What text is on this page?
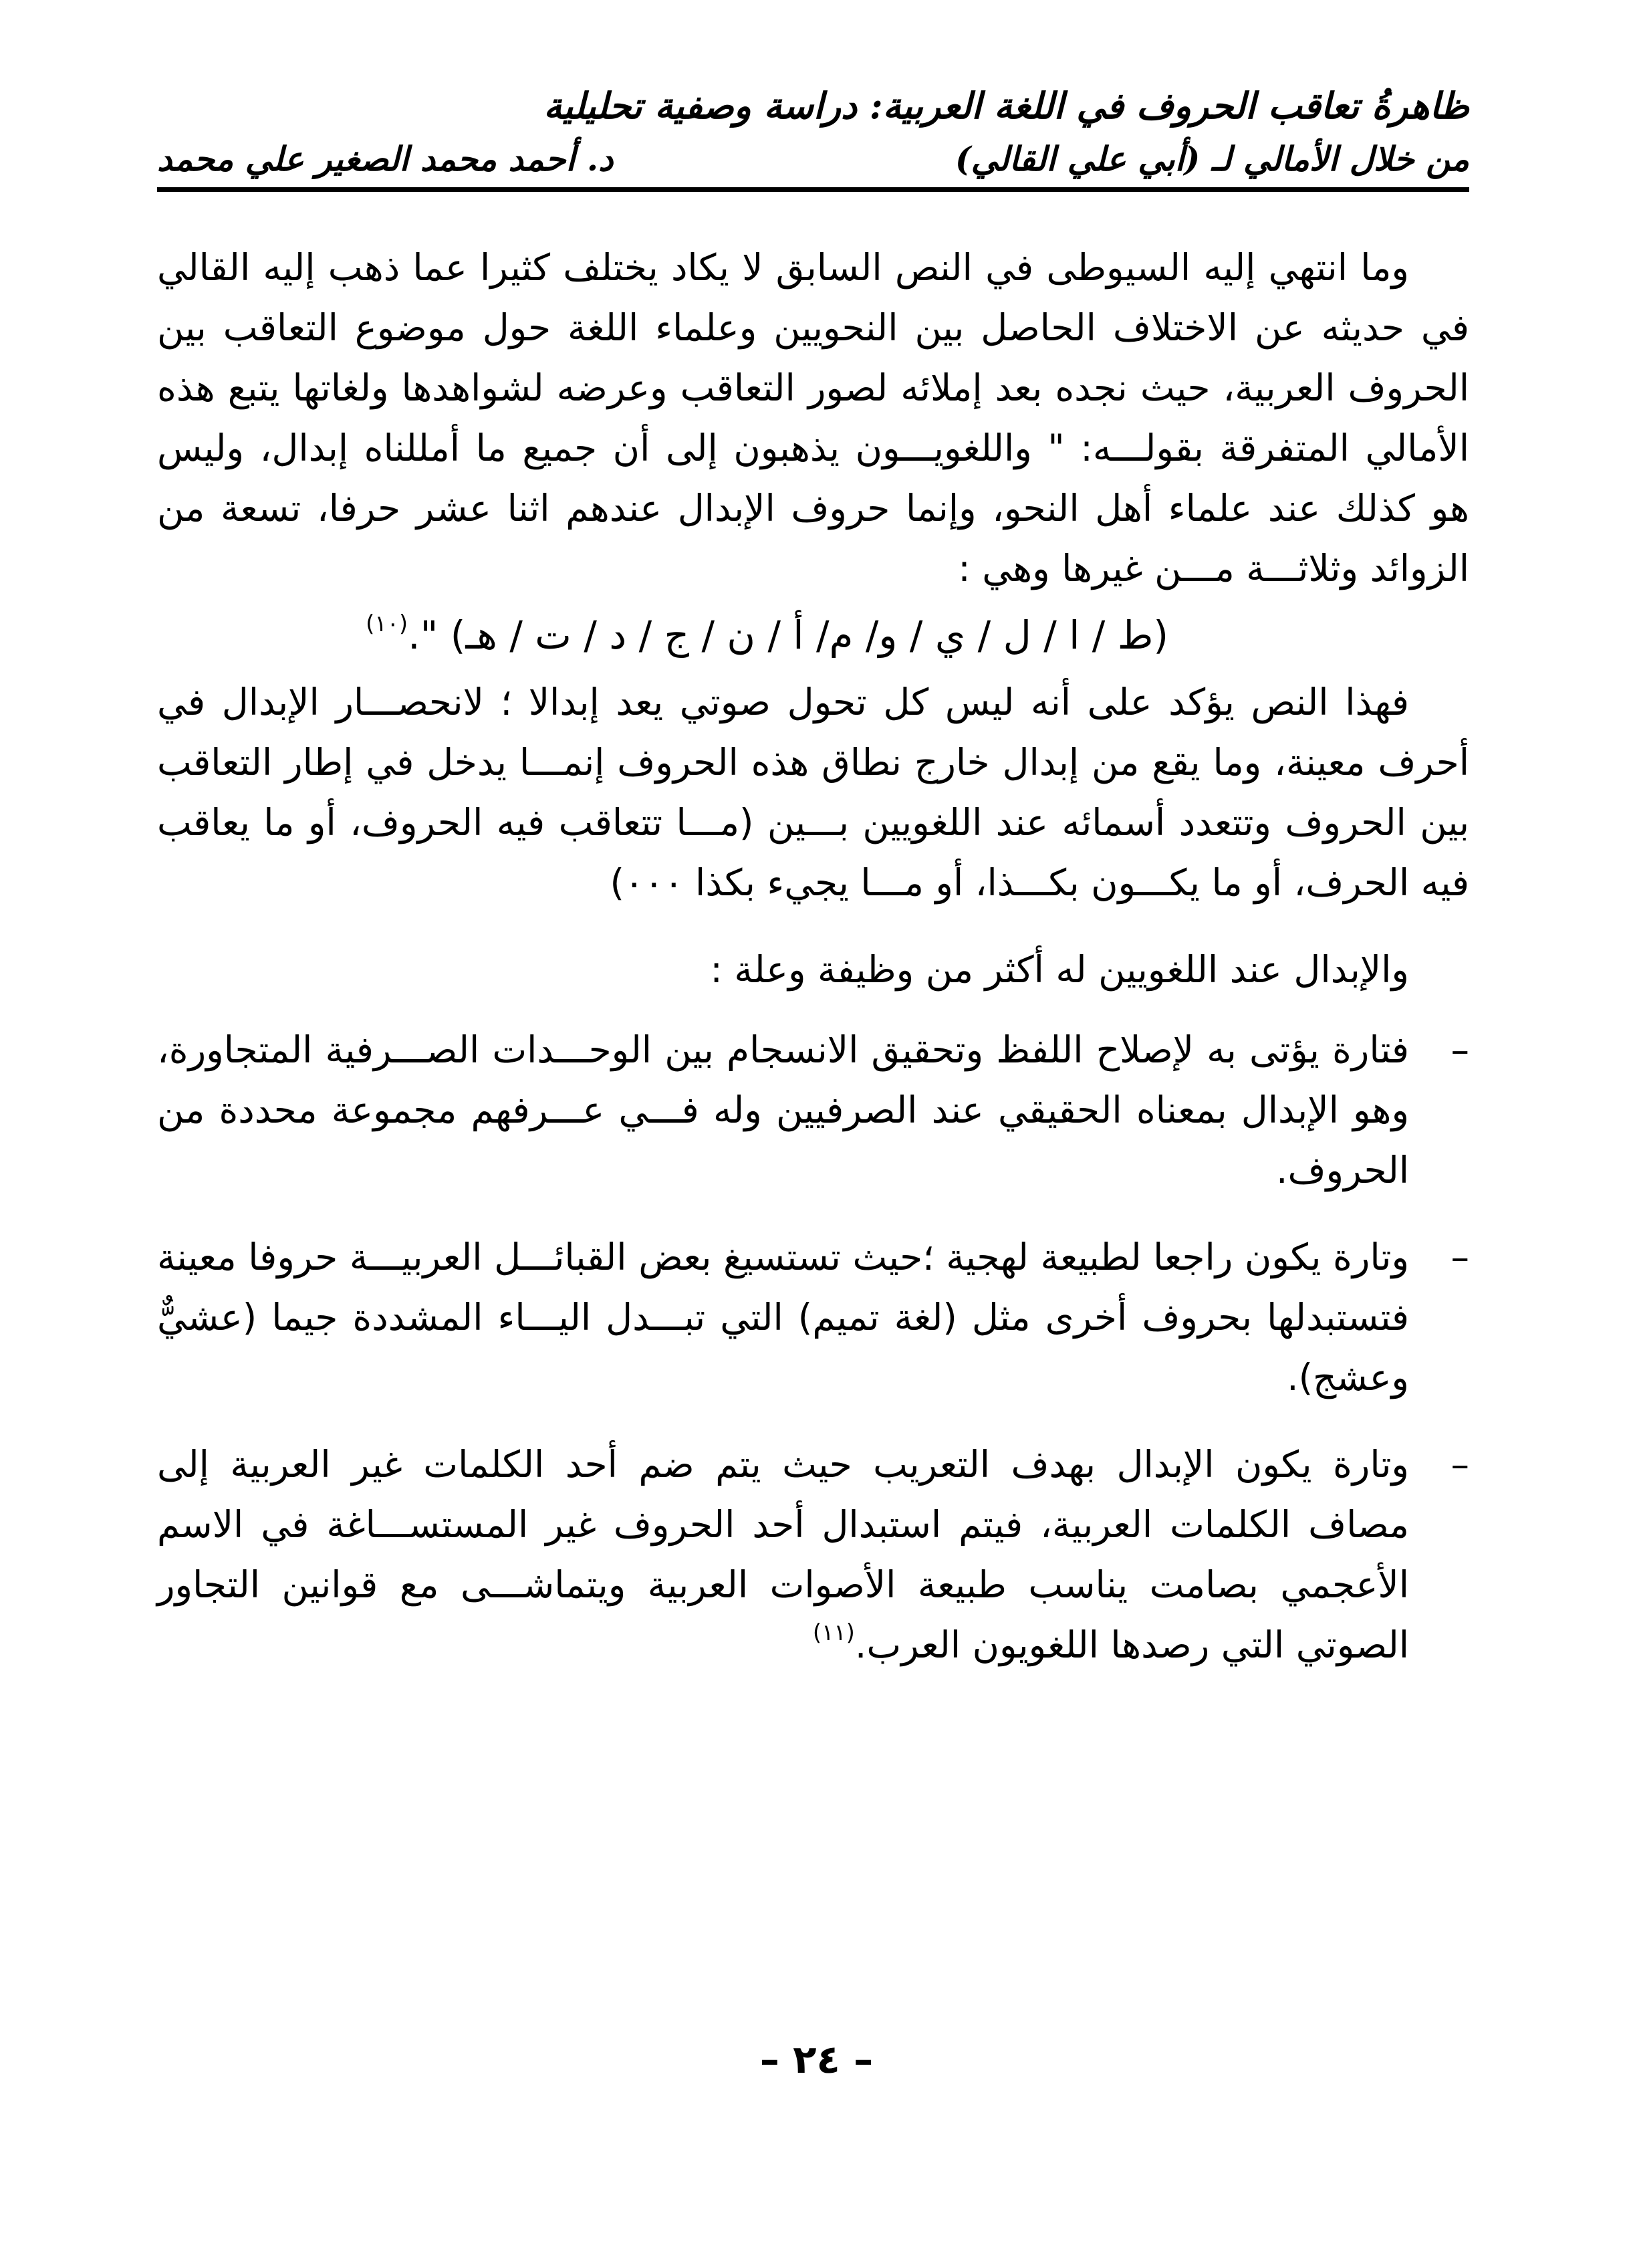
ظاهرةُ تعاقب الحروف في اللغة العربية: دراسة وصفية تحليلية
من خلال الأمالي لـ (أبي علي القالي)
د. أحمد محمد الصغير علي محمد

وما انتهي إليه السيوطى في النص السابق لا يكاد يختلف كثيرا عما ذهب إليه القالي في حديثه عن الاختلاف الحاصل بين النحويين وعلماء اللغة حول موضوع التعاقب بين الحروف العربية، حيث نجده بعد إملائه لصور التعاقب وعرضه لشواهدها ولغاتها يتبع هذه الأمالي المتفرقة بقولـــه: " واللغويـــون يذهبون إلى أن جميع ما أمللناه إبدال، وليس هو كذلك عند علماء أهل النحو، وإنما حروف الإبدال عندهم اثنا عشر حرفا، تسعة من الزوائد وثلاثـــة مـــن غيرها وهي :

(ط / ا / ل / ي / و/ م/ أ / ن / ج / د / ت / هـ) ".$^{(١٠)}$

فهذا النص يؤكد على أنه ليس كل تحول صوتي يعد إبدالا ؛ لانحصـــار الإبدال في أحرف معينة، وما يقع من إبدال خارج نطاق هذه الحروف إنمـــا يدخل في إطار التعاقب بين الحروف وتتعدد أسمائه عند اللغويين بـــين (مـــا تتعاقب فيه الحروف، أو ما يعاقب فيه الحرف، أو ما يكـــون بكـــذا، أو مـــا يجيء بكذا ٠٠٠)

والإبدال عند اللغويين له أكثر من وظيفة وعلة :

–
فتارة يؤتى به لإصلاح اللفظ وتحقيق الانسجام بين الوحـــدات الصـــرفية المتجاورة، وهو الإبدال بمعناه الحقيقي عند الصرفيين وله فـــي عـــرفهم مجموعة محددة من الحروف.
–
وتارة يكون راجعا لطبيعة لهجية ؛حيث تستسيغ بعض القبائـــل العربيـــة حروفا معينة فتستبدلها بحروف أخرى مثل (لغة تميم) التي تبـــدل اليـــاء المشددة جيما (عشيٌّ وعشج).
–
وتارة يكون الإبدال بهدف التعريب حيث يتم ضم أحد الكلمات غير العربية إلى مصاف الكلمات العربية، فيتم استبدال أحد الحروف غير المستســـاغة في الاسم الأعجمي بصامت يناسب طبيعة الأصوات العربية ويتماشـــى مع قوانين التجاور الصوتي التي رصدها اللغويون العرب.$^{(١١)}$
– ٢٤ –
